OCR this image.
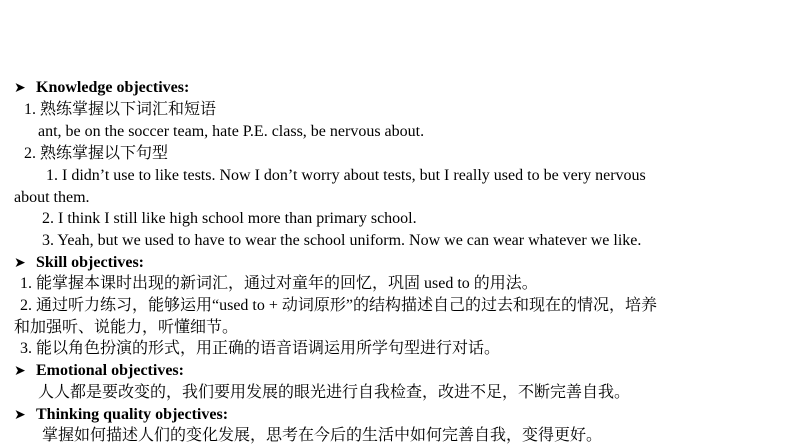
➤ Knowledge objectives:
1. 熟练掌握以下词汇和短语
ant, be on the soccer team, hate P.E. class, be nervous about.
2. 熟练掌握以下句型
1. I didn’t use to like tests. Now I don’t worry about tests, but I really used to be very nervous
about them.
2. I think I still like high school more than primary school.
3. Yeah, but we used to have to wear the school uniform. Now we can wear whatever we like.
➤ Skill objectives:
1. 能掌握本课时出现的新词汇，通过对童年的回忆，巩固 used to 的用法。
2. 通过听力练习，能够运用“used to + 动词原形”的结构描述自己的过去和现在的情况，培养
和加强听、说能力，听懂细节。
3. 能以角色扮演的形式，用正确的语音语调运用所学句型进行对话。
➤ Emotional objectives:
人人都是要改变的，我们要用发展的眼光进行自我检查，改进不足，不断完善自我。
➤ Thinking quality objectives:
掌握如何描述人们的变化发展，思考在今后的生活中如何完善自我，变得更好。
